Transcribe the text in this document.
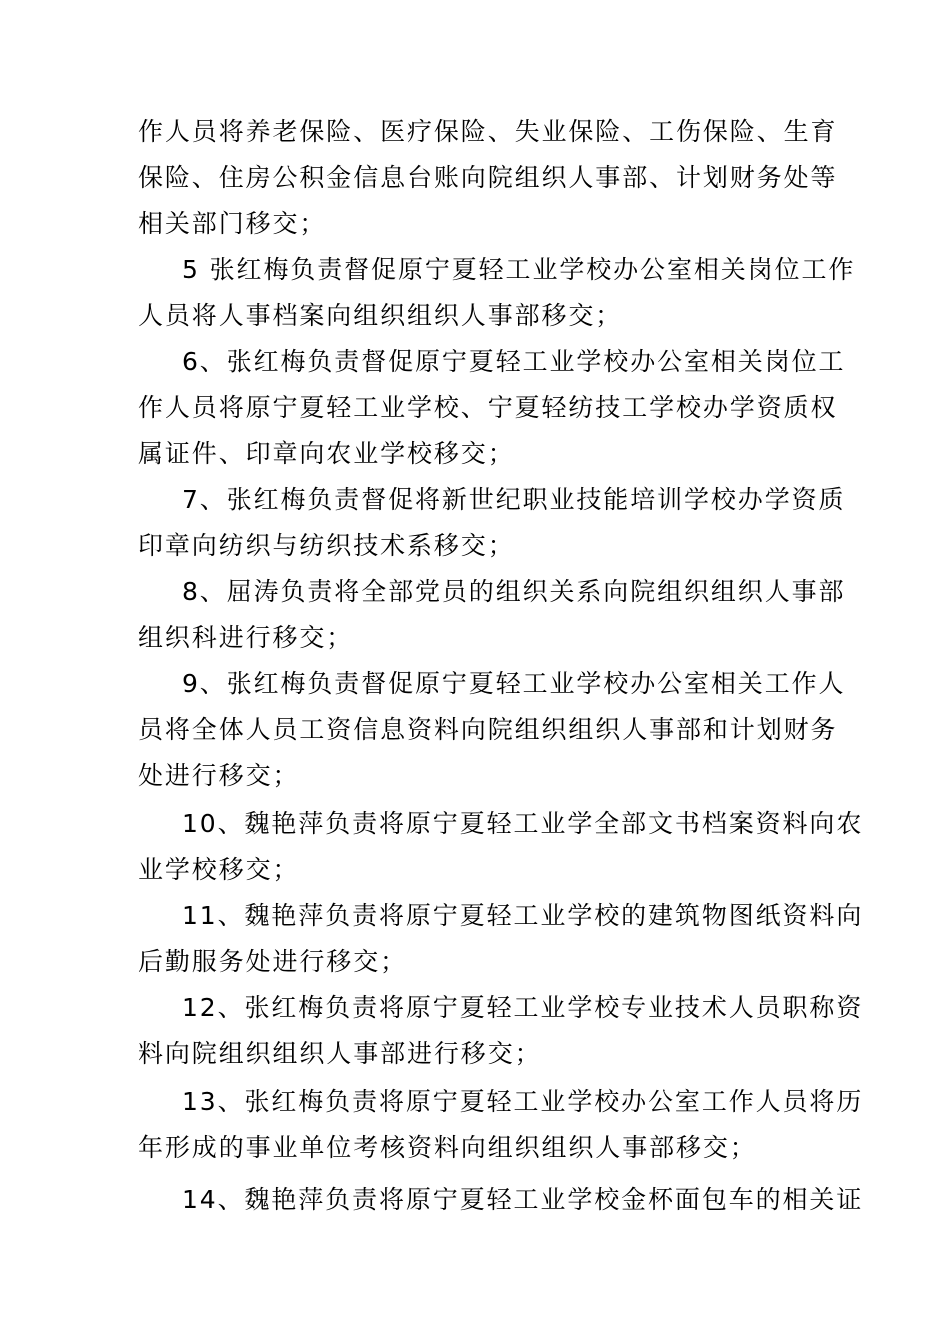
作人员将养老保险、医疗保险、失业保险、工伤保险、生育
保险、住房公积金信息台账向院组织人事部、计划财务处等
相关部门移交；
5 张红梅负责督促原宁夏轻工业学校办公室相关岗位工作
人员将人事档案向组织组织人事部移交；
6、张红梅负责督促原宁夏轻工业学校办公室相关岗位工
作人员将原宁夏轻工业学校、宁夏轻纺技工学校办学资质权
属证件、印章向农业学校移交；
7、张红梅负责督促将新世纪职业技能培训学校办学资质
印章向纺织与纺织技术系移交；
8、屈涛负责将全部党员的组织关系向院组织组织人事部
组织科进行移交；
9、张红梅负责督促原宁夏轻工业学校办公室相关工作人
员将全体人员工资信息资料向院组织组织人事部和计划财务
处进行移交；
10、魏艳萍负责将原宁夏轻工业学全部文书档案资料向农
业学校移交；
11、魏艳萍负责将原宁夏轻工业学校的建筑物图纸资料向
后勤服务处进行移交；
12、张红梅负责将原宁夏轻工业学校专业技术人员职称资
料向院组织组织人事部进行移交；
13、张红梅负责将原宁夏轻工业学校办公室工作人员将历
年形成的事业单位考核资料向组织组织人事部移交；
14、魏艳萍负责将原宁夏轻工业学校金杯面包车的相关证
